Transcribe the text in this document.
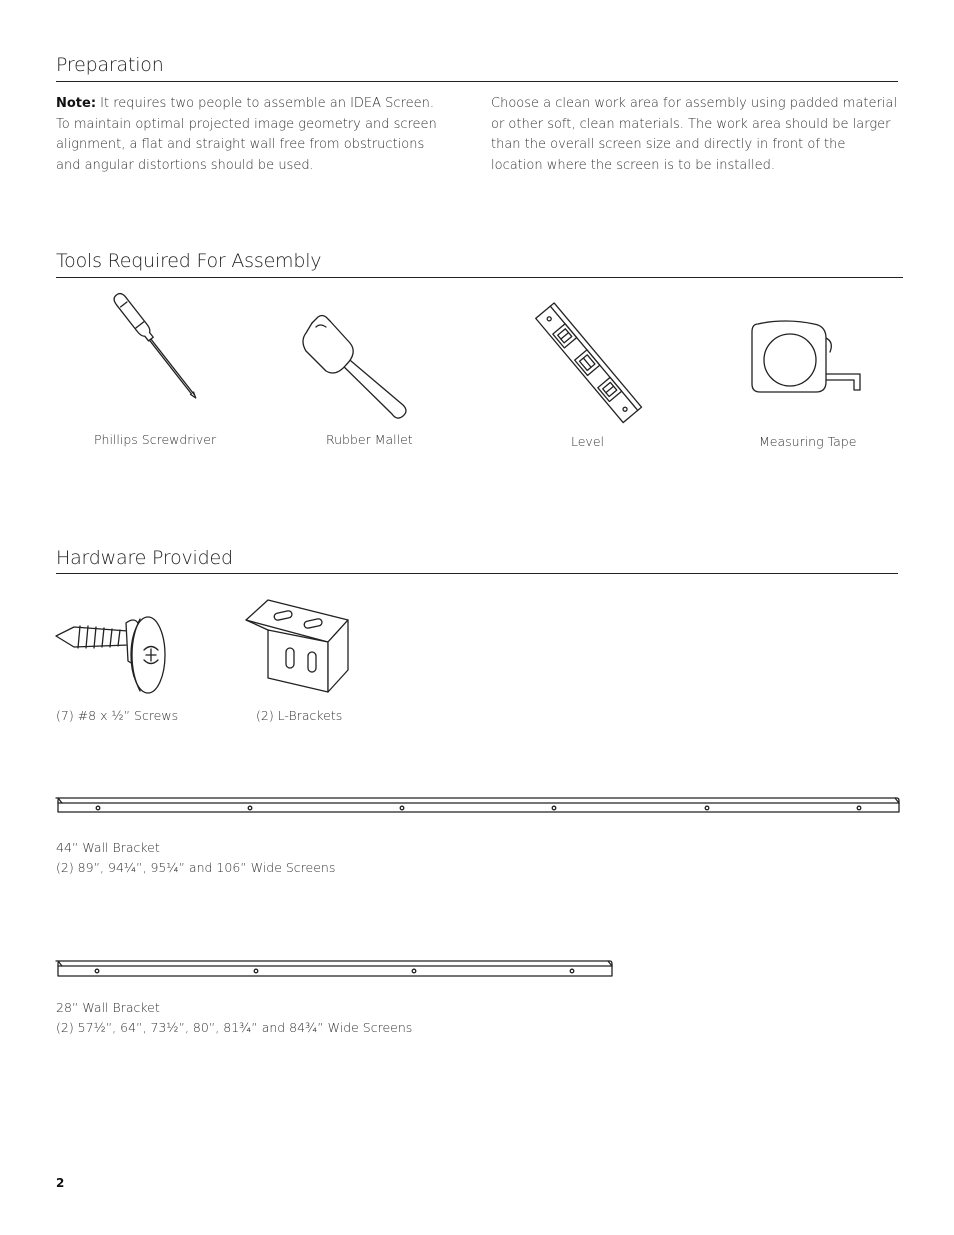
Preparation

Note: It requires two people to assemble an IDEA Screen. To maintain optimal projected image geometry and screen alignment, a flat and straight wall free from obstructions and angular distortions should be used.

Choose a clean work area for assembly using padded material or other soft, clean materials. The work area should be larger than the overall screen size and directly in front of the location where the screen is to be installed.

Tools Required For Assembly
Phillips Screwdriver	Rubber Mallet	Level	Measuring Tape
Hardware Provided
(7) #8 x ½” Screws	(2) L-Brackets
44” Wall Bracket
(2) 89”, 94¼”, 95¼” and 106” Wide Screens
28” Wall Bracket
(2) 57½”, 64”, 73½”, 80”, 81¾” and 84¾” Wide Screens
2
